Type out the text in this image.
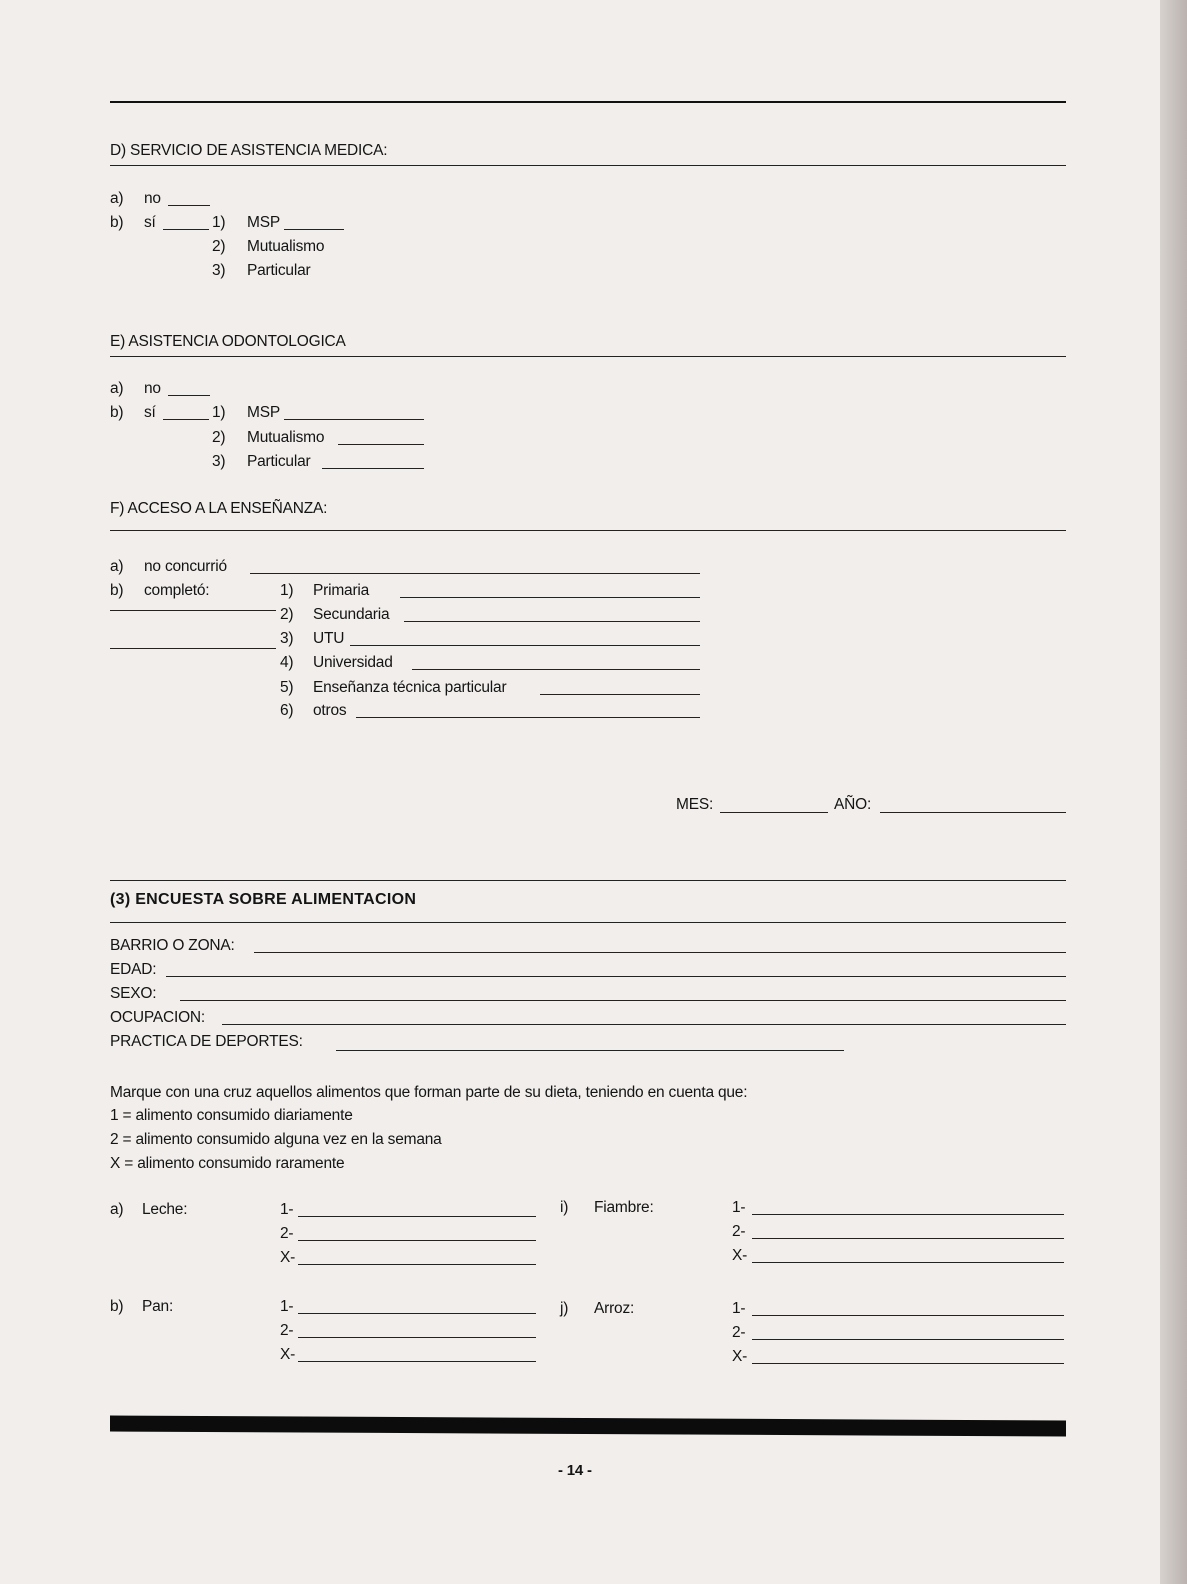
D) SERVICIO DE ASISTENCIA MEDICA:
a) no
b) sí	1) MSP
2) Mutualismo
3) Particular
E) ASISTENCIA ODONTOLOGICA
a) no
b) sí	1) MSP
2) Mutualismo
3) Particular
F) ACCESO A LA ENSEÑANZA:
a) no concurrió
b) completó:	1) Primaria
2) Secundaria
3) UTU
4) Universidad
5) Enseñanza técnica particular
6) otros
MES:	AÑO:
(3) ENCUESTA SOBRE ALIMENTACION
BARRIO O ZONA:
EDAD:
SEXO:
OCUPACION:
PRACTICA DE DEPORTES:
Marque con una cruz aquellos alimentos que forman parte de su dieta, teniendo en cuenta que:
1 = alimento consumido diariamente
2 = alimento consumido alguna vez en la semana
X = alimento consumido raramente
a) Leche:	1-
2-
X-
i) Fiambre:	1-
2-
X-
b) Pan:	1-
2-
X-
j) Arroz:	1-
2-
X-
- 14 -
